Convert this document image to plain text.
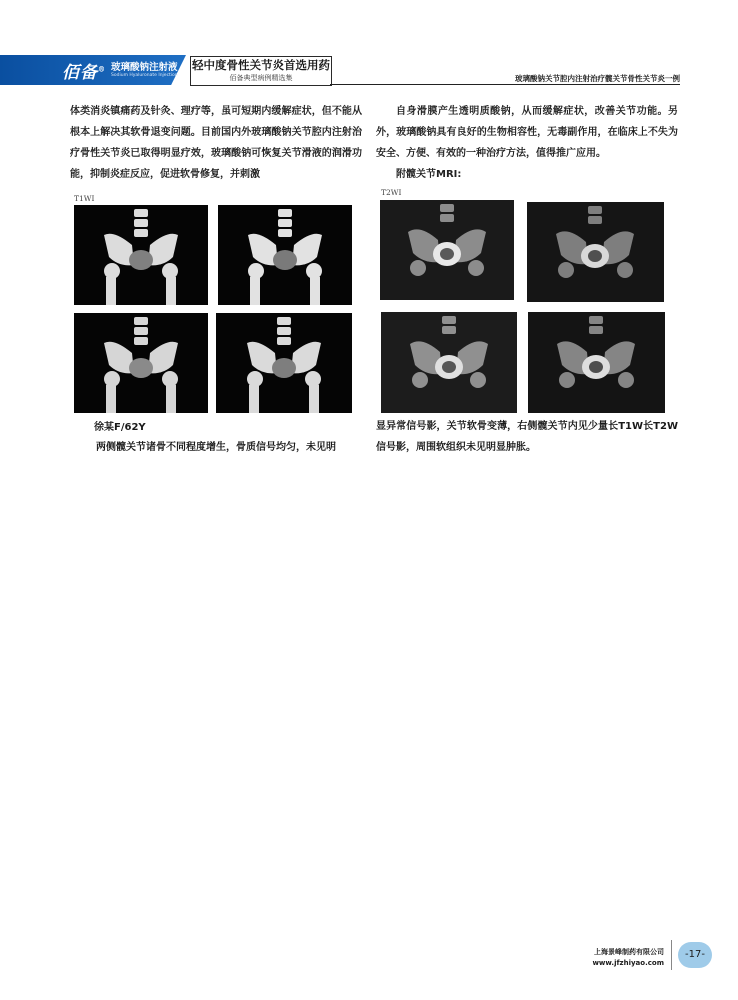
佰备® 玻璃酸钠注射液
Sodium Hyaluronate Injection
轻中度骨性关节炎首选用药
佰备典型病例精选集	玻璃酸钠关节腔内注射治疗髋关节骨性关节炎一例

体类消炎镇痛药及针灸、理疗等，虽可短期内缓解症状，但不能从根本上解决其软骨退变问题。目前国内外玻璃酸钠关节腔内注射治疗骨性关节炎已取得明显疗效，玻璃酸钠可恢复关节滑液的润滑功能，抑制炎症反应，促进软骨修复，并刺激

自身滑膜产生透明质酸钠，从而缓解症状，改善关节功能。另外，玻璃酸钠具有良好的生物相容性，无毒副作用，在临床上不失为安全、方便、有效的一种治疗方法，值得推广应用。

附髋关节MRI:

T1WI
T2WI
徐某F/62Y
两侧髋关节诸骨不同程度增生，骨质信号均匀，未见明

显异常信号影，关节软骨变薄，右侧髋关节内见少量长T1W长T2W信号影，周围软组织未见明显肿胀。

上海景峰制药有限公司
www.jfzhiyao.com
-17-
